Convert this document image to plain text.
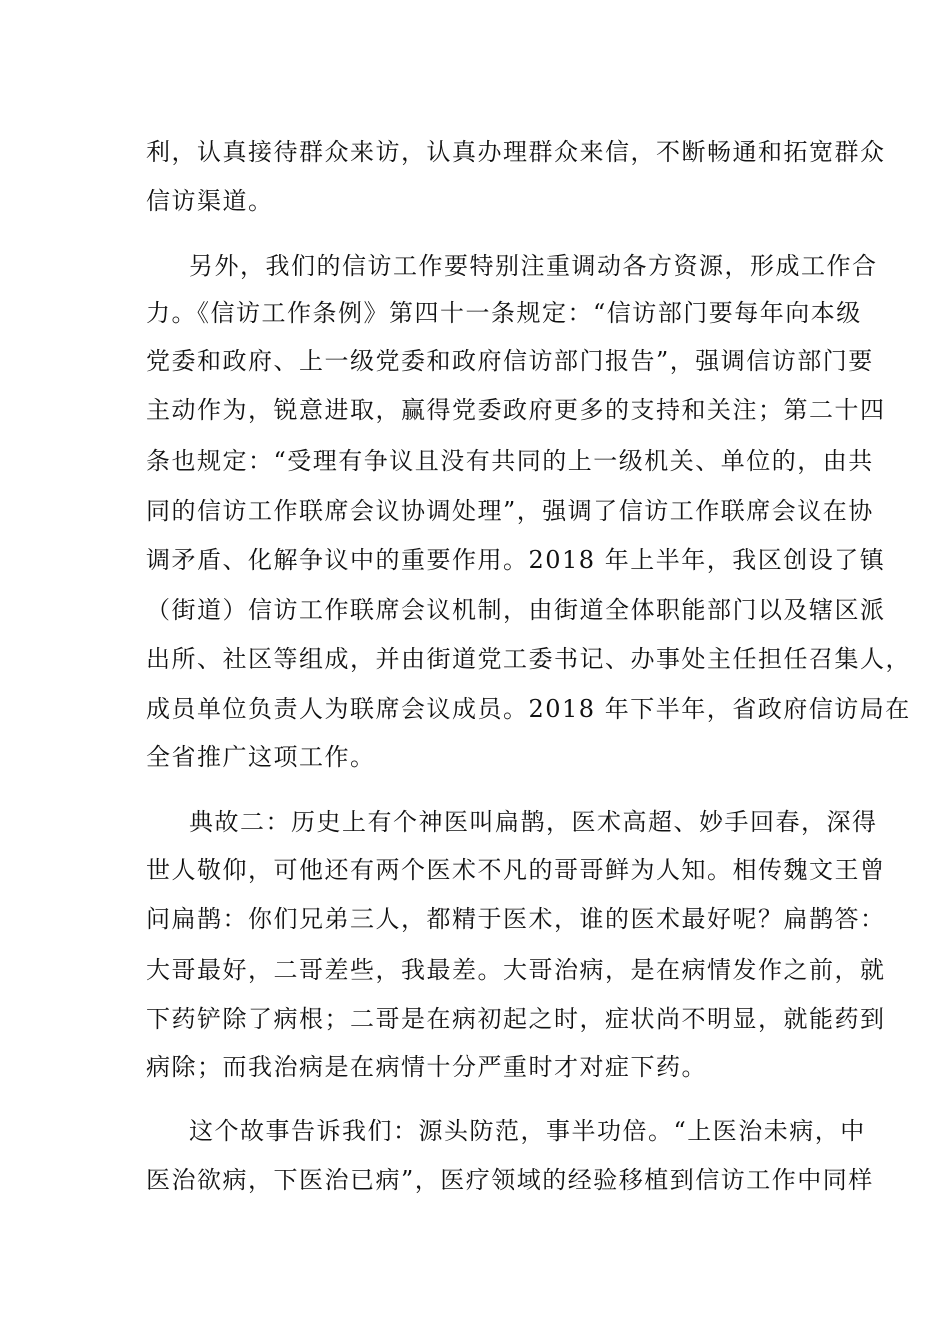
利，认真接待群众来访，认真办理群众来信，不断畅通和拓宽群众
信访渠道。
另外，我们的信访工作要特别注重调动各方资源，形成工作合
力。《信访工作条例》第四十一条规定：“信访部门要每年向本级
党委和政府、上一级党委和政府信访部门报告”，强调信访部门要
主动作为，锐意进取，赢得党委政府更多的支持和关注；第二十四
条也规定：“受理有争议且没有共同的上一级机关、单位的，由共
同的信访工作联席会议协调处理”，强调了信访工作联席会议在协
调矛盾、化解争议中的重要作用。2018 年上半年，我区创设了镇
（街道）信访工作联席会议机制，由街道全体职能部门以及辖区派
出所、社区等组成，并由街道党工委书记、办事处主任担任召集人，
成员单位负责人为联席会议成员。2018 年下半年，省政府信访局在
全省推广这项工作。
典故二：历史上有个神医叫扁鹊，医术高超、妙手回春，深得
世人敬仰，可他还有两个医术不凡的哥哥鲜为人知。相传魏文王曾
问扁鹊：你们兄弟三人，都精于医术，谁的医术最好呢？扁鹊答：
大哥最好，二哥差些，我最差。大哥治病，是在病情发作之前，就
下药铲除了病根；二哥是在病初起之时，症状尚不明显，就能药到
病除；而我治病是在病情十分严重时才对症下药。
这个故事告诉我们：源头防范，事半功倍。“上医治未病，中
医治欲病，下医治已病”，医疗领域的经验移植到信访工作中同样
